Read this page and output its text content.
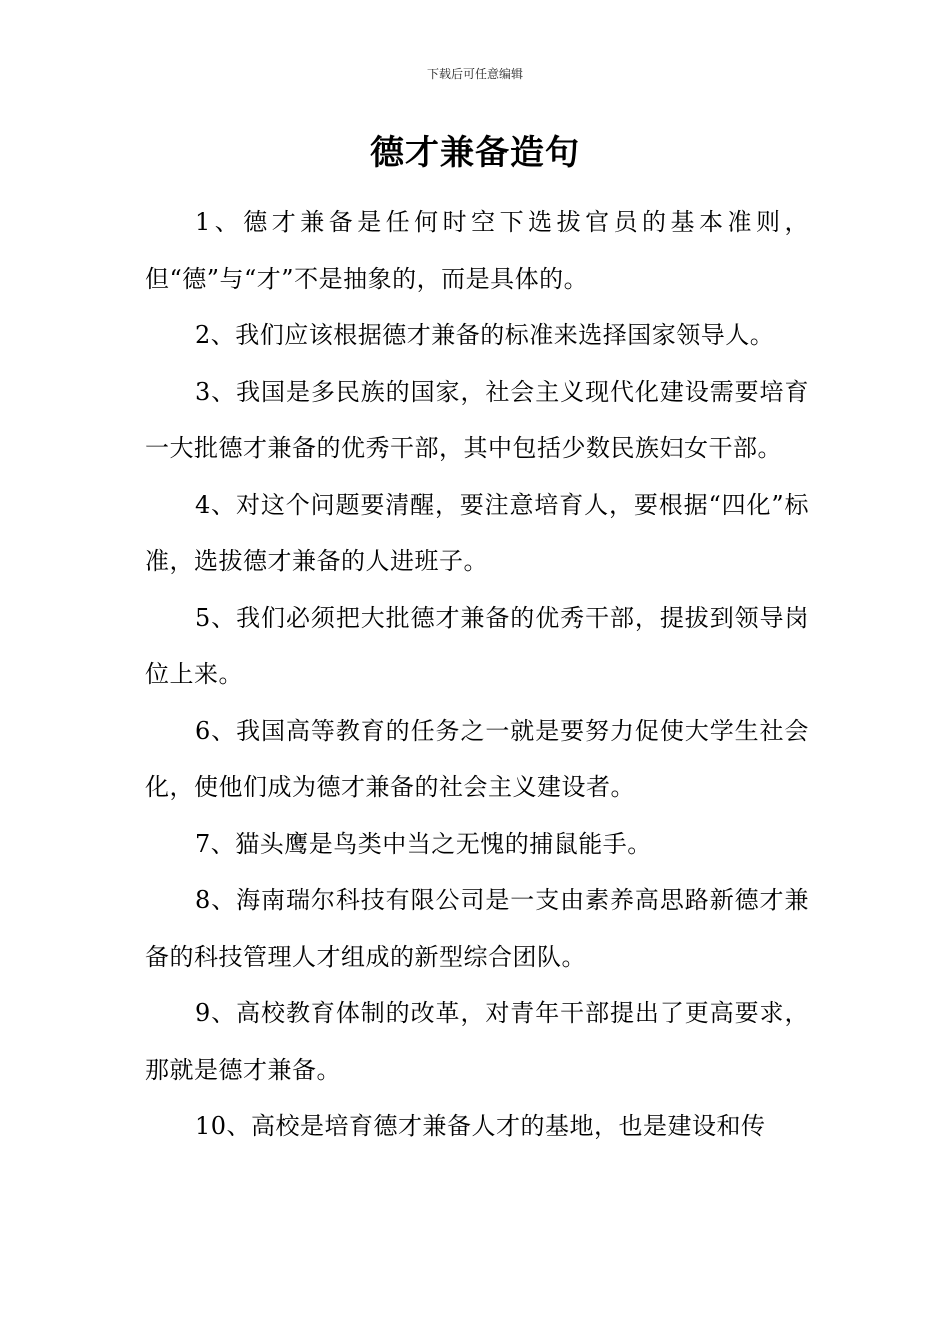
下载后可任意编辑
德才兼备造句
1、德才兼备是任何时空下选拔官员的基本准则，但“德”与“才”不是抽象的，而是具体的。
2、我们应该根据德才兼备的标准来选择国家领导人。
3、我国是多民族的国家，社会主义现代化建设需要培育一大批德才兼备的优秀干部，其中包括少数民族妇女干部。
4、对这个问题要清醒，要注意培育人，要根据“四化”标准，选拔德才兼备的人进班子。
5、我们必须把大批德才兼备的优秀干部，提拔到领导岗位上来。
6、我国高等教育的任务之一就是要努力促使大学生社会化，使他们成为德才兼备的社会主义建设者。
7、猫头鹰是鸟类中当之无愧的捕鼠能手。
8、海南瑞尔科技有限公司是一支由素养高思路新德才兼备的科技管理人才组成的新型综合团队。
9、高校教育体制的改革，对青年干部提出了更高要求，那就是德才兼备。
10、高校是培育德才兼备人才的基地，也是建设和传
